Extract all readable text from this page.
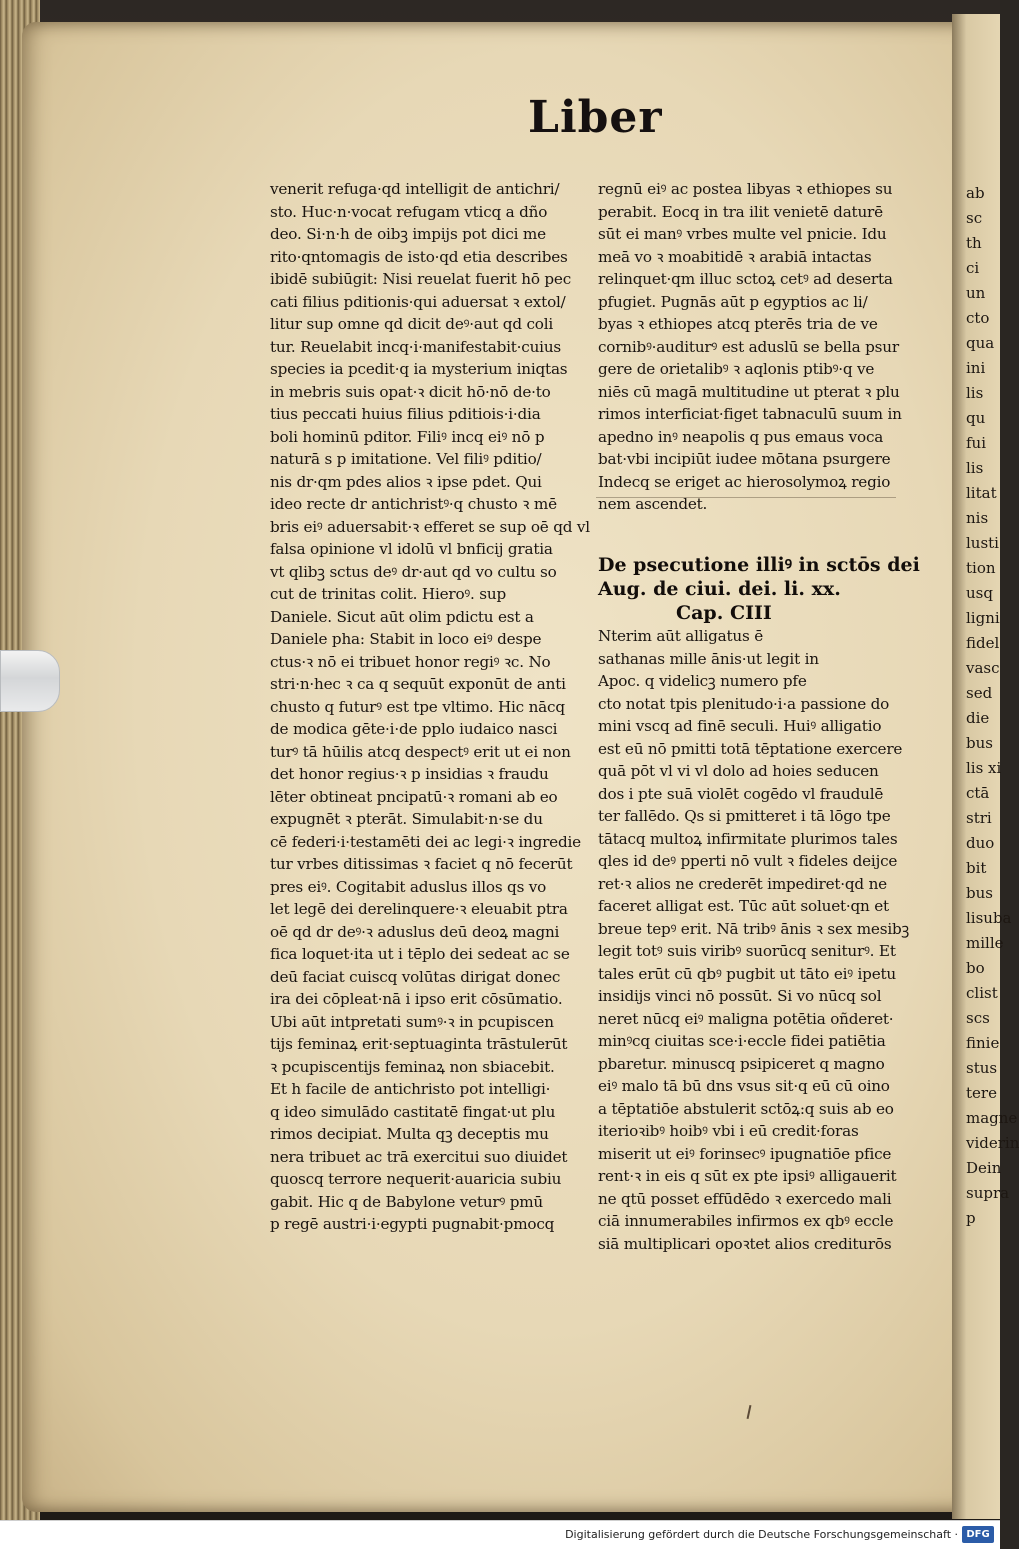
ab
sc
th
ci
un
cto
qua
ini
lis
qu
fui
lis
litat
nis
lusti
tion
usq
ligni
fidel
vasc
sed
die
bus
lis xi
ctā
stri
duo
bit
bus
lisuba
mille
bo
clist
scs
finie
stus
tere
magne
viderin
Dein
supra
p
Liber
venerit refuga·qd intelligit de antichri/
sto. Huc·n·vocat refugam vticq a dño
deo. Si·n·h de oibꝫ impijs pot dici me
rito·qntomagis de isto·qd etia describes
ibidē subiūgit: Nisi reuelat fuerit hō pec
cati filius pditionis·qui aduersat ꝛ extol/
litur sup omne qd dicit deꝰ·aut qd coli
tur. Reuelabit incq·i·manifestabit·cuius
species ia pcedit·q ia mysterium iniqtas
in mebris suis opat·ꝛ dicit hō·nō de·to
tius peccati huius filius pditiois·i·dia
boli hominū pditor. Filiꝰ incq eiꝰ nō p
naturā s p imitatione. Vel filiꝰ pditio/
nis dr·qm pdes alios ꝛ ipse pdet. Qui
ideo recte dr antichristꝰ·q chusto ꝛ mē
bris eiꝰ aduersabit·ꝛ efferet se sup oē qd vl
falsa opinione vl idolū vl bnficij gratia
vt qlibꝫ sctus deꝰ dr·aut qd vo cultu so
cut de trinitas colit. Hieroꝰ. sup
Daniele. Sicut aūt olim pdictu est a
Daniele pha: Stabit in loco eiꝰ despe
ctus·ꝛ nō ei tribuet honor regiꝰ ꝛc. No
stri·n·hec ꝛ ca q sequūt exponūt de anti
chusto q futurꝰ est tpe vltimo. Hic nācq
de modica gēte·i·de pplo iudaico nasci
turꝰ tā hūilis atcq despectꝰ erit ut ei non
det honor regius·ꝛ p insidias ꝛ fraudu
lēter obtineat pncipatū·ꝛ romani ab eo
expugnēt ꝛ pterāt. Simulabit·n·se du
cē federi·i·testamēti dei ac legi·ꝛ ingredie
tur vrbes ditissimas ꝛ faciet q nō fecerūt
pres eiꝰ. Cogitabit aduslus illos qs vo
let legē dei derelinquere·ꝛ eleuabit ptra
oē qd dr deꝰ·ꝛ aduslus deū deoꝝ magni
fica loquet·ita ut i tēplo dei sedeat ac se
deū faciat cuiscq volūtas dirigat donec
ira dei cōpleat·nā i ipso erit cōsūmatio.
Ubi aūt intpretati sumꝰ·ꝛ in pcupiscen
tijs feminaꝝ erit·septuaginta trāstulerūt
ꝛ pcupiscentijs feminaꝝ non sbiacebit.
Et h facile de antichristo pot intelligi·
q ideo simulādo castitatē fingat·ut plu
rimos decipiat. Multa qꝫ deceptis mu
nera tribuet ac trā exercitui suo diuidet
quoscq terrore nequerit·auaricia subiu
gabit. Hic q de Babylone veturꝰ pmū
p regē austri·i·egypti pugnabit·pmocq
regnū eiꝰ ac postea libyas ꝛ ethiopes su
perabit. Eocq in tra ilit venietē daturē
sūt ei manꝰ vrbes multe vel pnicie. Idu
meā vo ꝛ moabitidē ꝛ arabiā intactas
relinquet·qm illuc sctoꝝ cetꝰ ad deserta
pfugiet. Pugnās aūt p egyptios ac li/
byas ꝛ ethiopes atcq pterēs tria de ve
cornibꝰ·auditurꝰ est aduslū se bella psur
gere de orietalibꝰ ꝛ aqlonis ptibꝰ·q ve
niēs cū magā multitudine ut pterat ꝛ plu
rimos interficiat·figet tabnaculū suum in
apedno inꝰ neapolis q pus emaus voca
bat·vbi incipiūt iudee mōtana psurgere
Indecq se eriget ac hierosolymoꝝ regio
nem ascendet.
De psecutione illiꝰ in sctōs dei
Aug. de ciui. dei. li. xx.
Cap. CIII
Nterim aūt alligatus ē
sathanas mille ānis·ut legit in
Apoc. q videlicꝫ numero pfe
cto notat tpis plenitudo·i·a passione do
mini vscq ad finē seculi. Huiꝰ alligatio
est eū nō pmitti totā tēptatione exercere
quā pōt vl vi vl dolo ad hoies seducen
dos i pte suā violēt cogēdo vl fraudulē
ter fallēdo. Qs si pmitteret i tā lōgo tpe
tātacq multoꝝ infirmitate plurimos tales
qles id deꝰ pperti nō vult ꝛ fideles deijce
ret·ꝛ alios ne crederēt impediret·qd ne
faceret alligat est. Tūc aūt soluet·qn et
breue tepꝰ erit. Nā tribꝰ ānis ꝛ sex mesibꝫ
legit totꝰ suis viribꝰ suorūcq seniturꝰ. Et
tales erūt cū qbꝰ pugbit ut tāto eiꝰ ipetu
insidijs vinci nō possūt. Si vo nūcq sol
neret nūcq eiꝰ maligna potētia oñderet·
minꝰcq ciuitas sce·i·eccle fidei patiētia
pbaretur. minuscq psipiceret q magno
eiꝰ malo tā bū dns vsus sit·q eū cū oino
a tēptatiōe abstulerit sctōꝝ:q suis ab eo
iterioꝛibꝰ hoibꝰ vbi i eū credit·foras
miserit ut eiꝰ forinsecꝰ ipugnatiōe pfice
rent·ꝛ in eis q sūt ex pte ipsiꝰ alligauerit
ne qtū posset effūdēdo ꝛ exercedo mali
ciā innumerabiles infirmos ex qbꝰ eccle
siā multiplicari opoꝛtet alios crediturōs
Digitalisierung gefördert durch die Deutsche Forschungsgemeinschaft · DFG
